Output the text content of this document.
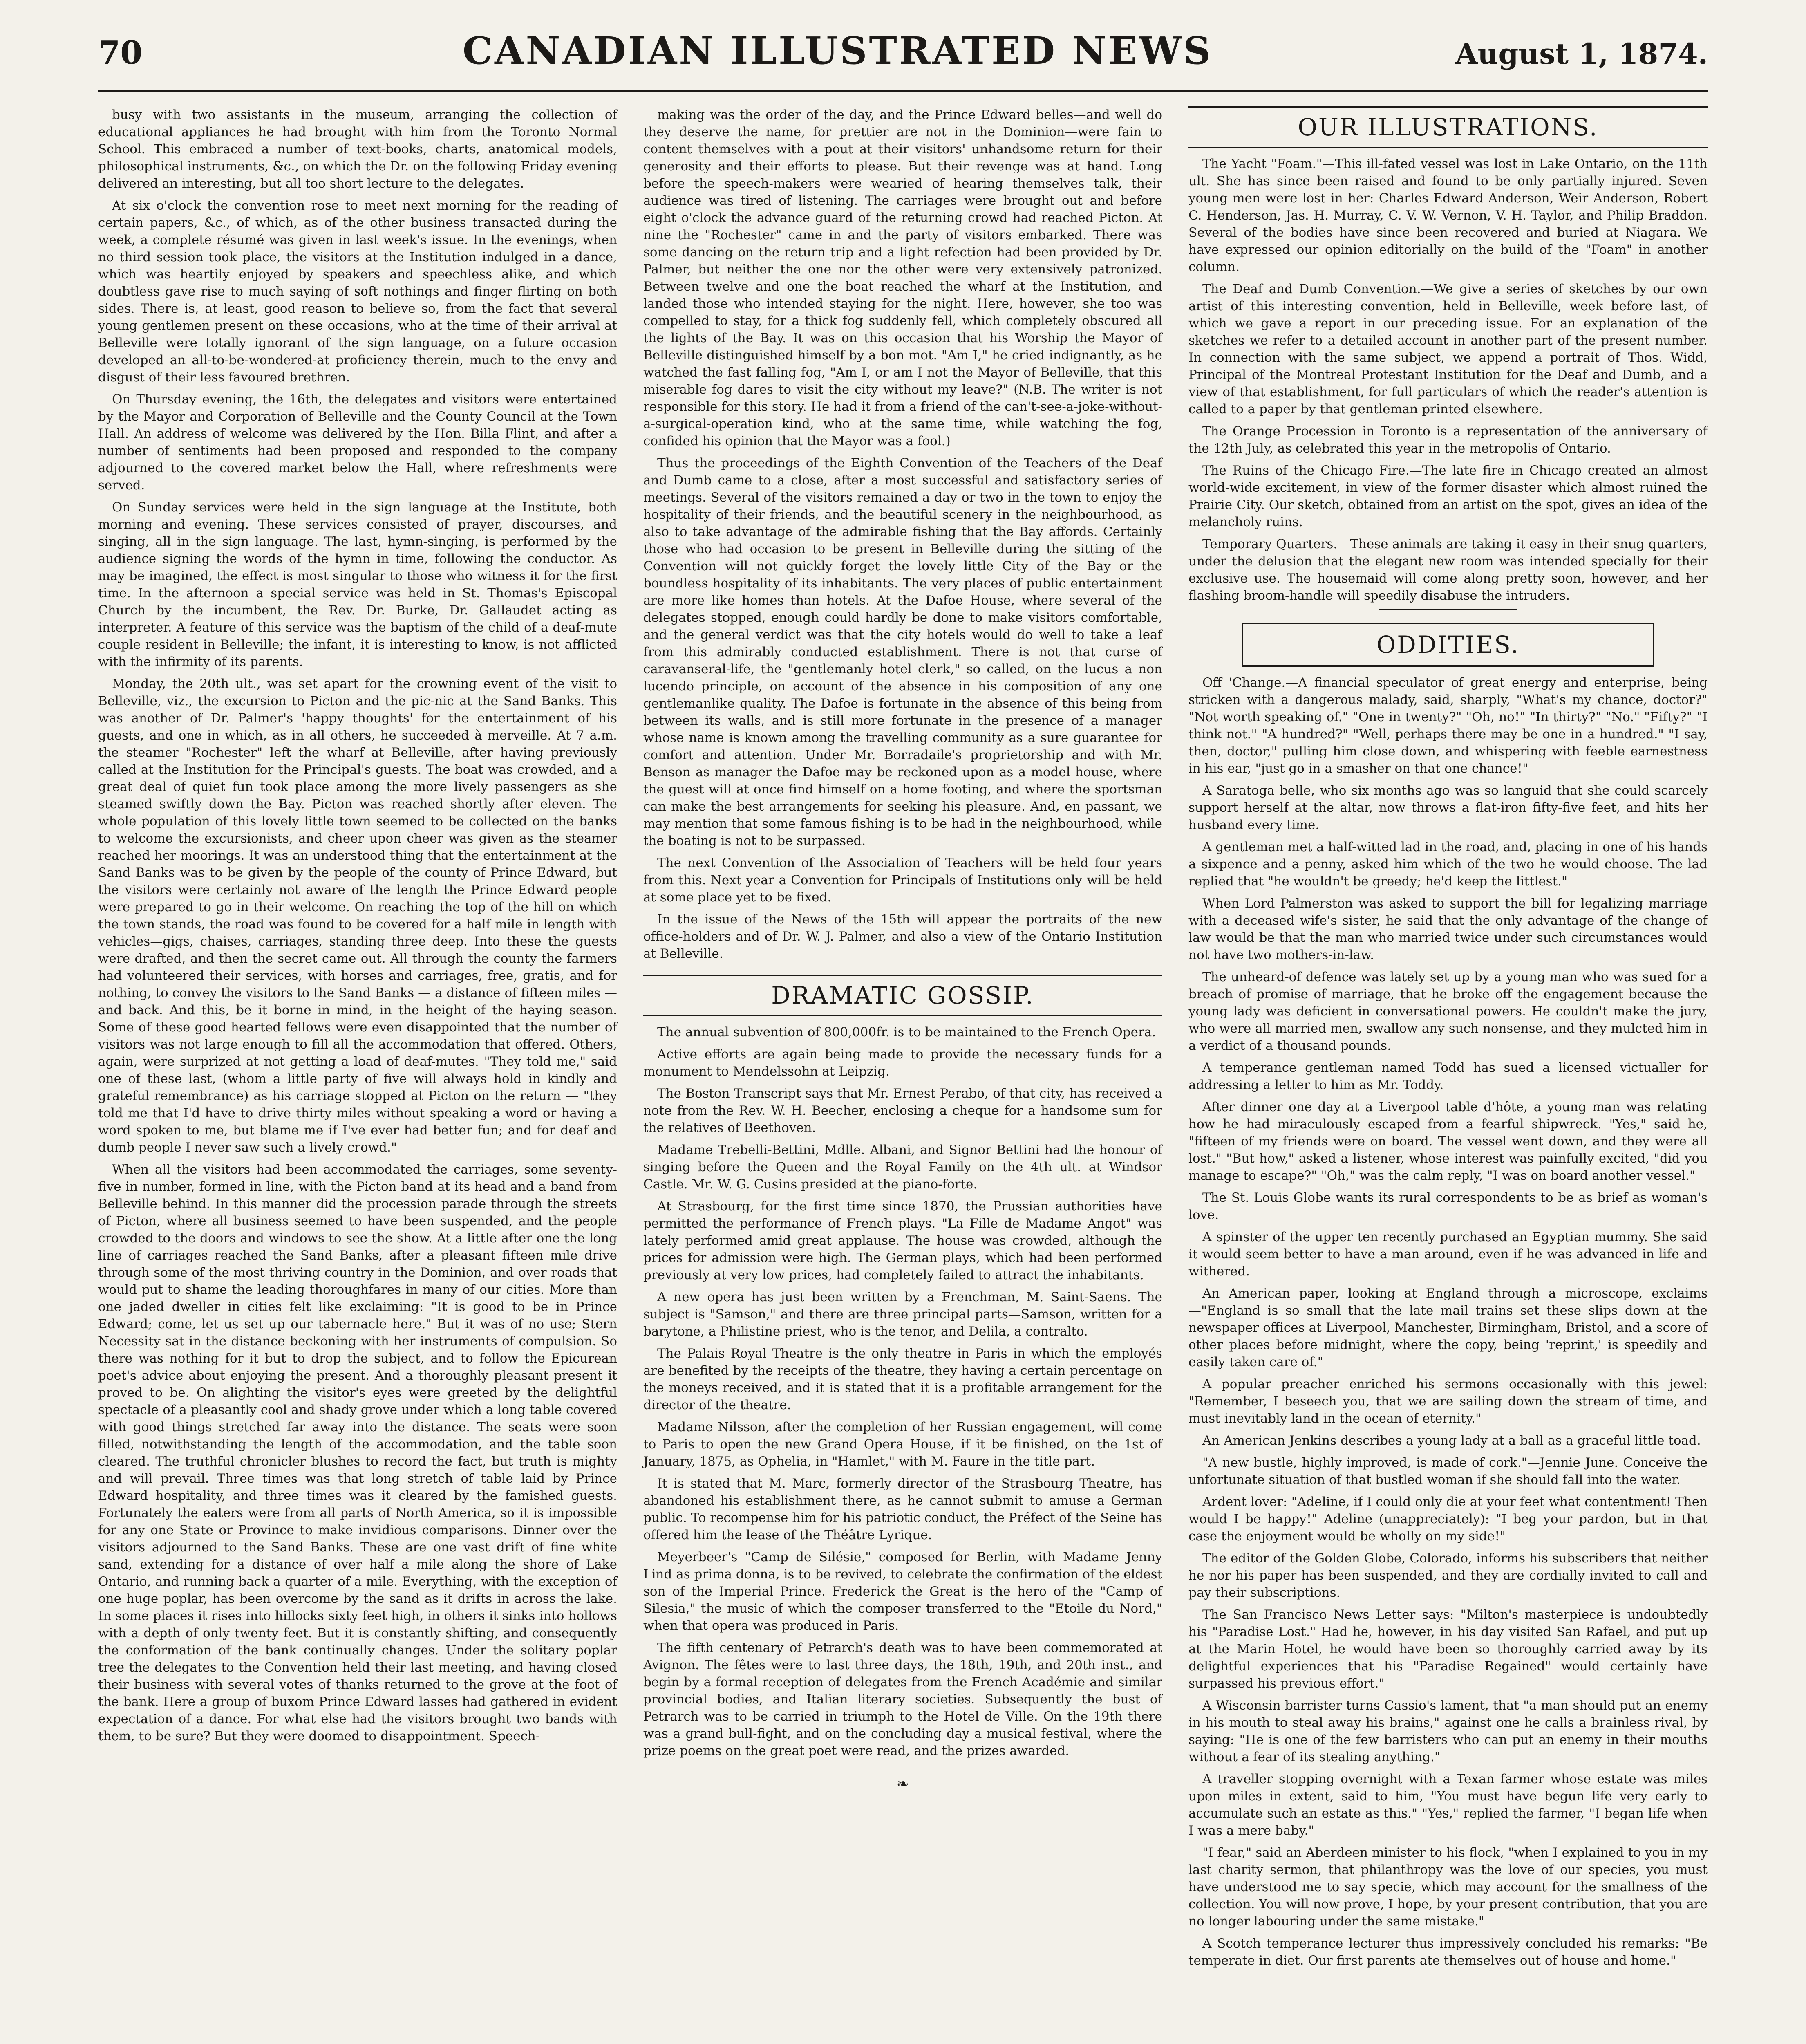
70	CANADIAN ILLUSTRATED NEWS	August 1, 1874.

busy with two assistants in the museum, arranging the collection of educational appliances he had brought with him from the Toronto Normal School. This embraced a number of text-books, charts, anatomical models, philosophical instruments, &c., on which the Dr. on the following Friday evening delivered an interesting, but all too short lecture to the delegates.

At six o'clock the convention rose to meet next morning for the reading of certain papers, &c., of which, as of the other business transacted during the week, a complete résumé was given in last week's issue. In the evenings, when no third session took place, the visitors at the Institution indulged in a dance, which was heartily enjoyed by speakers and speechless alike, and which doubtless gave rise to much saying of soft nothings and finger flirting on both sides. There is, at least, good reason to believe so, from the fact that several young gentlemen present on these occasions, who at the time of their arrival at Belleville were totally ignorant of the sign language, on a future occasion developed an all-to-be-wondered-at proficiency therein, much to the envy and disgust of their less favoured brethren.

On Thursday evening, the 16th, the delegates and visitors were entertained by the Mayor and Corporation of Belleville and the County Council at the Town Hall. An address of welcome was delivered by the Hon. Billa Flint, and after a number of sentiments had been proposed and responded to the company adjourned to the covered market below the Hall, where refreshments were served.

On Sunday services were held in the sign language at the Institute, both morning and evening. These services consisted of prayer, discourses, and singing, all in the sign language. The last, hymn-singing, is performed by the audience signing the words of the hymn in time, following the conductor. As may be imagined, the effect is most singular to those who witness it for the first time. In the afternoon a special service was held in St. Thomas's Episcopal Church by the incumbent, the Rev. Dr. Burke, Dr. Gallaudet acting as interpreter. A feature of this service was the baptism of the child of a deaf-mute couple resident in Belleville; the infant, it is interesting to know, is not afflicted with the infirmity of its parents.

Monday, the 20th ult., was set apart for the crowning event of the visit to Belleville, viz., the excursion to Picton and the pic-nic at the Sand Banks. This was another of Dr. Palmer's 'happy thoughts' for the entertainment of his guests, and one in which, as in all others, he succeeded à merveille. At 7 a.m. the steamer "Rochester" left the wharf at Belleville, after having previously called at the Institution for the Principal's guests. The boat was crowded, and a great deal of quiet fun took place among the more lively passengers as she steamed swiftly down the Bay. Picton was reached shortly after eleven. The whole population of this lovely little town seemed to be collected on the banks to welcome the excursionists, and cheer upon cheer was given as the steamer reached her moorings. It was an understood thing that the entertainment at the Sand Banks was to be given by the people of the county of Prince Edward, but the visitors were certainly not aware of the length the Prince Edward people were prepared to go in their welcome. On reaching the top of the hill on which the town stands, the road was found to be covered for a half mile in length with vehicles—gigs, chaises, carriages, standing three deep. Into these the guests were drafted, and then the secret came out. All through the county the farmers had volunteered their services, with horses and carriages, free, gratis, and for nothing, to convey the visitors to the Sand Banks — a distance of fifteen miles — and back. And this, be it borne in mind, in the height of the haying season. Some of these good hearted fellows were even disappointed that the number of visitors was not large enough to fill all the accommodation that offered. Others, again, were surprized at not getting a load of deaf-mutes. "They told me," said one of these last, (whom a little party of five will always hold in kindly and grateful remembrance) as his carriage stopped at Picton on the return — "they told me that I'd have to drive thirty miles without speaking a word or having a word spoken to me, but blame me if I've ever had better fun; and for deaf and dumb people I never saw such a lively crowd."

When all the visitors had been accommodated the carriages, some seventy-five in number, formed in line, with the Picton band at its head and a band from Belleville behind. In this manner did the procession parade through the streets of Picton, where all business seemed to have been suspended, and the people crowded to the doors and windows to see the show. At a little after one the long line of carriages reached the Sand Banks, after a pleasant fifteen mile drive through some of the most thriving country in the Dominion, and over roads that would put to shame the leading thoroughfares in many of our cities. More than one jaded dweller in cities felt like exclaiming: "It is good to be in Prince Edward; come, let us set up our tabernacle here." But it was of no use; Stern Necessity sat in the distance beckoning with her instruments of compulsion. So there was nothing for it but to drop the subject, and to follow the Epicurean poet's advice about enjoying the present. And a thoroughly pleasant present it proved to be. On alighting the visitor's eyes were greeted by the delightful spectacle of a pleasantly cool and shady grove under which a long table covered with good things stretched far away into the distance. The seats were soon filled, notwithstanding the length of the accommodation, and the table soon cleared. The truthful chronicler blushes to record the fact, but truth is mighty and will prevail. Three times was that long stretch of table laid by Prince Edward hospitality, and three times was it cleared by the famished guests. Fortunately the eaters were from all parts of North America, so it is impossible for any one State or Province to make invidious comparisons. Dinner over the visitors adjourned to the Sand Banks. These are one vast drift of fine white sand, extending for a distance of over half a mile along the shore of Lake Ontario, and running back a quarter of a mile. Everything, with the exception of one huge poplar, has been overcome by the sand as it drifts in across the lake. In some places it rises into hillocks sixty feet high, in others it sinks into hollows with a depth of only twenty feet. But it is constantly shifting, and consequently the conformation of the bank continually changes. Under the solitary poplar tree the delegates to the Convention held their last meeting, and having closed their business with several votes of thanks returned to the grove at the foot of the bank. Here a group of buxom Prince Edward lasses had gathered in evident expectation of a dance. For what else had the visitors brought two bands with them, to be sure? But they were doomed to disappointment. Speech-

making was the order of the day, and the Prince Edward belles—and well do they deserve the name, for prettier are not in the Dominion—were fain to content themselves with a pout at their visitors' unhandsome return for their generosity and their efforts to please. But their revenge was at hand. Long before the speech-makers were wearied of hearing themselves talk, their audience was tired of listening. The carriages were brought out and before eight o'clock the advance guard of the returning crowd had reached Picton. At nine the "Rochester" came in and the party of visitors embarked. There was some dancing on the return trip and a light refection had been provided by Dr. Palmer, but neither the one nor the other were very extensively patronized. Between twelve and one the boat reached the wharf at the Institution, and landed those who intended staying for the night. Here, however, she too was compelled to stay, for a thick fog suddenly fell, which completely obscured all the lights of the Bay. It was on this occasion that his Worship the Mayor of Belleville distinguished himself by a bon mot. "Am I," he cried indignantly, as he watched the fast falling fog, "Am I, or am I not the Mayor of Belleville, that this miserable fog dares to visit the city without my leave?" (N.B. The writer is not responsible for this story. He had it from a friend of the can't-see-a-joke-without-a-surgical-operation kind, who at the same time, while watching the fog, confided his opinion that the Mayor was a fool.)

Thus the proceedings of the Eighth Convention of the Teachers of the Deaf and Dumb came to a close, after a most successful and satisfactory series of meetings. Several of the visitors remained a day or two in the town to enjoy the hospitality of their friends, and the beautiful scenery in the neighbourhood, as also to take advantage of the admirable fishing that the Bay affords. Certainly those who had occasion to be present in Belleville during the sitting of the Convention will not quickly forget the lovely little City of the Bay or the boundless hospitality of its inhabitants. The very places of public entertainment are more like homes than hotels. At the Dafoe House, where several of the delegates stopped, enough could hardly be done to make visitors comfortable, and the general verdict was that the city hotels would do well to take a leaf from this admirably conducted establishment. There is not that curse of caravanseral-life, the "gentlemanly hotel clerk," so called, on the lucus a non lucendo principle, on account of the absence in his composition of any one gentlemanlike quality. The Dafoe is fortunate in the absence of this being from between its walls, and is still more fortunate in the presence of a manager whose name is known among the travelling community as a sure guarantee for comfort and attention. Under Mr. Borradaile's proprietorship and with Mr. Benson as manager the Dafoe may be reckoned upon as a model house, where the guest will at once find himself on a home footing, and where the sportsman can make the best arrangements for seeking his pleasure. And, en passant, we may mention that some famous fishing is to be had in the neighbourhood, while the boating is not to be surpassed.

The next Convention of the Association of Teachers will be held four years from this. Next year a Convention for Principals of Institutions only will be held at some place yet to be fixed.

In the issue of the News of the 15th will appear the portraits of the new office-holders and of Dr. W. J. Palmer, and also a view of the Ontario Institution at Belleville.

DRAMATIC GOSSIP.

The annual subvention of 800,000fr. is to be maintained to the French Opera.

Active efforts are again being made to provide the necessary funds for a monument to Mendelssohn at Leipzig.

The Boston Transcript says that Mr. Ernest Perabo, of that city, has received a note from the Rev. W. H. Beecher, enclosing a cheque for a handsome sum for the relatives of Beethoven.

Madame Trebelli-Bettini, Mdlle. Albani, and Signor Bettini had the honour of singing before the Queen and the Royal Family on the 4th ult. at Windsor Castle. Mr. W. G. Cusins presided at the piano-forte.

At Strasbourg, for the first time since 1870, the Prussian authorities have permitted the performance of French plays. "La Fille de Madame Angot" was lately performed amid great applause. The house was crowded, although the prices for admission were high. The German plays, which had been performed previously at very low prices, had completely failed to attract the inhabitants.

A new opera has just been written by a Frenchman, M. Saint-Saens. The subject is "Samson," and there are three principal parts—Samson, written for a barytone, a Philistine priest, who is the tenor, and Delila, a contralto.

The Palais Royal Theatre is the only theatre in Paris in which the employés are benefited by the receipts of the theatre, they having a certain percentage on the moneys received, and it is stated that it is a profitable arrangement for the director of the theatre.

Madame Nilsson, after the completion of her Russian engagement, will come to Paris to open the new Grand Opera House, if it be finished, on the 1st of January, 1875, as Ophelia, in "Hamlet," with M. Faure in the title part.

It is stated that M. Marc, formerly director of the Strasbourg Theatre, has abandoned his establishment there, as he cannot submit to amuse a German public. To recompense him for his patriotic conduct, the Préfect of the Seine has offered him the lease of the Théâtre Lyrique.

Meyerbeer's "Camp de Silésie," composed for Berlin, with Madame Jenny Lind as prima donna, is to be revived, to celebrate the confirmation of the eldest son of the Imperial Prince. Frederick the Great is the hero of the "Camp of Silesia," the music of which the composer transferred to the "Etoile du Nord," when that opera was produced in Paris.

The fifth centenary of Petrarch's death was to have been commemorated at Avignon. The fêtes were to last three days, the 18th, 19th, and 20th inst., and begin by a formal reception of delegates from the French Académie and similar provincial bodies, and Italian literary societies. Subsequently the bust of Petrarch was to be carried in triumph to the Hotel de Ville. On the 19th there was a grand bull-fight, and on the concluding day a musical festival, where the prize poems on the great poet were read, and the prizes awarded.

❧
OUR ILLUSTRATIONS.

The Yacht "Foam."—This ill-fated vessel was lost in Lake Ontario, on the 11th ult. She has since been raised and found to be only partially injured. Seven young men were lost in her: Charles Edward Anderson, Weir Anderson, Robert C. Henderson, Jas. H. Murray, C. V. W. Vernon, V. H. Taylor, and Philip Braddon. Several of the bodies have since been recovered and buried at Niagara. We have expressed our opinion editorially on the build of the "Foam" in another column.

The Deaf and Dumb Convention.—We give a series of sketches by our own artist of this interesting convention, held in Belleville, week before last, of which we gave a report in our preceding issue. For an explanation of the sketches we refer to a detailed account in another part of the present number. In connection with the same subject, we append a portrait of Thos. Widd, Principal of the Montreal Protestant Institution for the Deaf and Dumb, and a view of that establishment, for full particulars of which the reader's attention is called to a paper by that gentleman printed elsewhere.

The Orange Procession in Toronto is a representation of the anniversary of the 12th July, as celebrated this year in the metropolis of Ontario.

The Ruins of the Chicago Fire.—The late fire in Chicago created an almost world-wide excitement, in view of the former disaster which almost ruined the Prairie City. Our sketch, obtained from an artist on the spot, gives an idea of the melancholy ruins.

Temporary Quarters.—These animals are taking it easy in their snug quarters, under the delusion that the elegant new room was intended specially for their exclusive use. The housemaid will come along pretty soon, however, and her flashing broom-handle will speedily disabuse the intruders.

ODDITIES.

Off 'Change.—A financial speculator of great energy and enterprise, being stricken with a dangerous malady, said, sharply, "What's my chance, doctor?" "Not worth speaking of." "One in twenty?" "Oh, no!" "In thirty?" "No." "Fifty?" "I think not." "A hundred?" "Well, perhaps there may be one in a hundred." "I say, then, doctor," pulling him close down, and whispering with feeble earnestness in his ear, "just go in a smasher on that one chance!"

A Saratoga belle, who six months ago was so languid that she could scarcely support herself at the altar, now throws a flat-iron fifty-five feet, and hits her husband every time.

A gentleman met a half-witted lad in the road, and, placing in one of his hands a sixpence and a penny, asked him which of the two he would choose. The lad replied that "he wouldn't be greedy; he'd keep the littlest."

When Lord Palmerston was asked to support the bill for legalizing marriage with a deceased wife's sister, he said that the only advantage of the change of law would be that the man who married twice under such circumstances would not have two mothers-in-law.

The unheard-of defence was lately set up by a young man who was sued for a breach of promise of marriage, that he broke off the engagement because the young lady was deficient in conversational powers. He couldn't make the jury, who were all married men, swallow any such nonsense, and they mulcted him in a verdict of a thousand pounds.

A temperance gentleman named Todd has sued a licensed victualler for addressing a letter to him as Mr. Toddy.

After dinner one day at a Liverpool table d'hôte, a young man was relating how he had miraculously escaped from a fearful shipwreck. "Yes," said he, "fifteen of my friends were on board. The vessel went down, and they were all lost." "But how," asked a listener, whose interest was painfully excited, "did you manage to escape?" "Oh," was the calm reply, "I was on board another vessel."

The St. Louis Globe wants its rural correspondents to be as brief as woman's love.

A spinster of the upper ten recently purchased an Egyptian mummy. She said it would seem better to have a man around, even if he was advanced in life and withered.

An American paper, looking at England through a microscope, exclaims—"England is so small that the late mail trains set these slips down at the newspaper offices at Liverpool, Manchester, Birmingham, Bristol, and a score of other places before midnight, where the copy, being 'reprint,' is speedily and easily taken care of."

A popular preacher enriched his sermons occasionally with this jewel: "Remember, I beseech you, that we are sailing down the stream of time, and must inevitably land in the ocean of eternity."

An American Jenkins describes a young lady at a ball as a graceful little toad.

"A new bustle, highly improved, is made of cork."—Jennie June. Conceive the unfortunate situation of that bustled woman if she should fall into the water.

Ardent lover: "Adeline, if I could only die at your feet what contentment! Then would I be happy!" Adeline (unappreciately): "I beg your pardon, but in that case the enjoyment would be wholly on my side!"

The editor of the Golden Globe, Colorado, informs his subscribers that neither he nor his paper has been suspended, and they are cordially invited to call and pay their subscriptions.

The San Francisco News Letter says: "Milton's masterpiece is undoubtedly his "Paradise Lost." Had he, however, in his day visited San Rafael, and put up at the Marin Hotel, he would have been so thoroughly carried away by its delightful experiences that his "Paradise Regained" would certainly have surpassed his previous effort."

A Wisconsin barrister turns Cassio's lament, that "a man should put an enemy in his mouth to steal away his brains," against one he calls a brainless rival, by saying: "He is one of the few barristers who can put an enemy in their mouths without a fear of its stealing anything."

A traveller stopping overnight with a Texan farmer whose estate was miles upon miles in extent, said to him, "You must have begun life very early to accumulate such an estate as this." "Yes," replied the farmer, "I began life when I was a mere baby."

"I fear," said an Aberdeen minister to his flock, "when I explained to you in my last charity sermon, that philanthropy was the love of our species, you must have understood me to say specie, which may account for the smallness of the collection. You will now prove, I hope, by your present contribution, that you are no longer labouring under the same mistake."

A Scotch temperance lecturer thus impressively concluded his remarks: "Be temperate in diet. Our first parents ate themselves out of house and home."
